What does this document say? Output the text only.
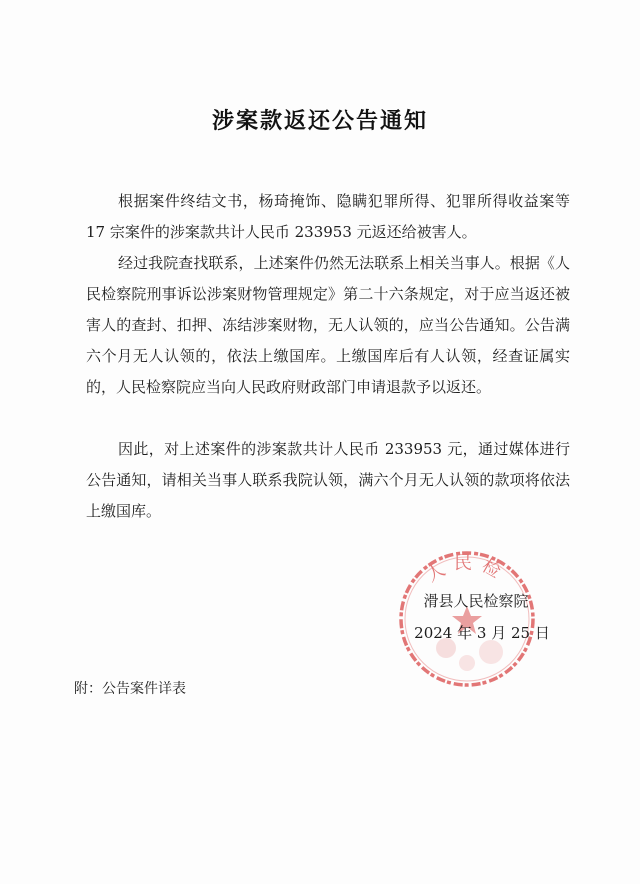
涉案款返还公告通知

根据案件终结文书，杨琦掩饰、隐瞒犯罪所得、犯罪所得收益案等 17 宗案件的涉案款共计人民币 233953 元返还给被害人。

经过我院查找联系，上述案件仍然无法联系上相关当事人。根据《人民检察院刑事诉讼涉案财物管理规定》第二十六条规定，对于应当返还被害人的查封、扣押、冻结涉案财物，无人认领的，应当公告通知。公告满六个月无人认领的，依法上缴国库。上缴国库后有人认领，经查证属实的，人民检察院应当向人民政府财政部门申请退款予以返还。

因此，对上述案件的涉案款共计人民币 233953 元，通过媒体进行公告通知，请相关当事人联系我院认领，满六个月无人认领的款项将依法上缴国库。

人民检
滑县人民检察院
2024 年 3 月 25 日
附：公告案件详表
